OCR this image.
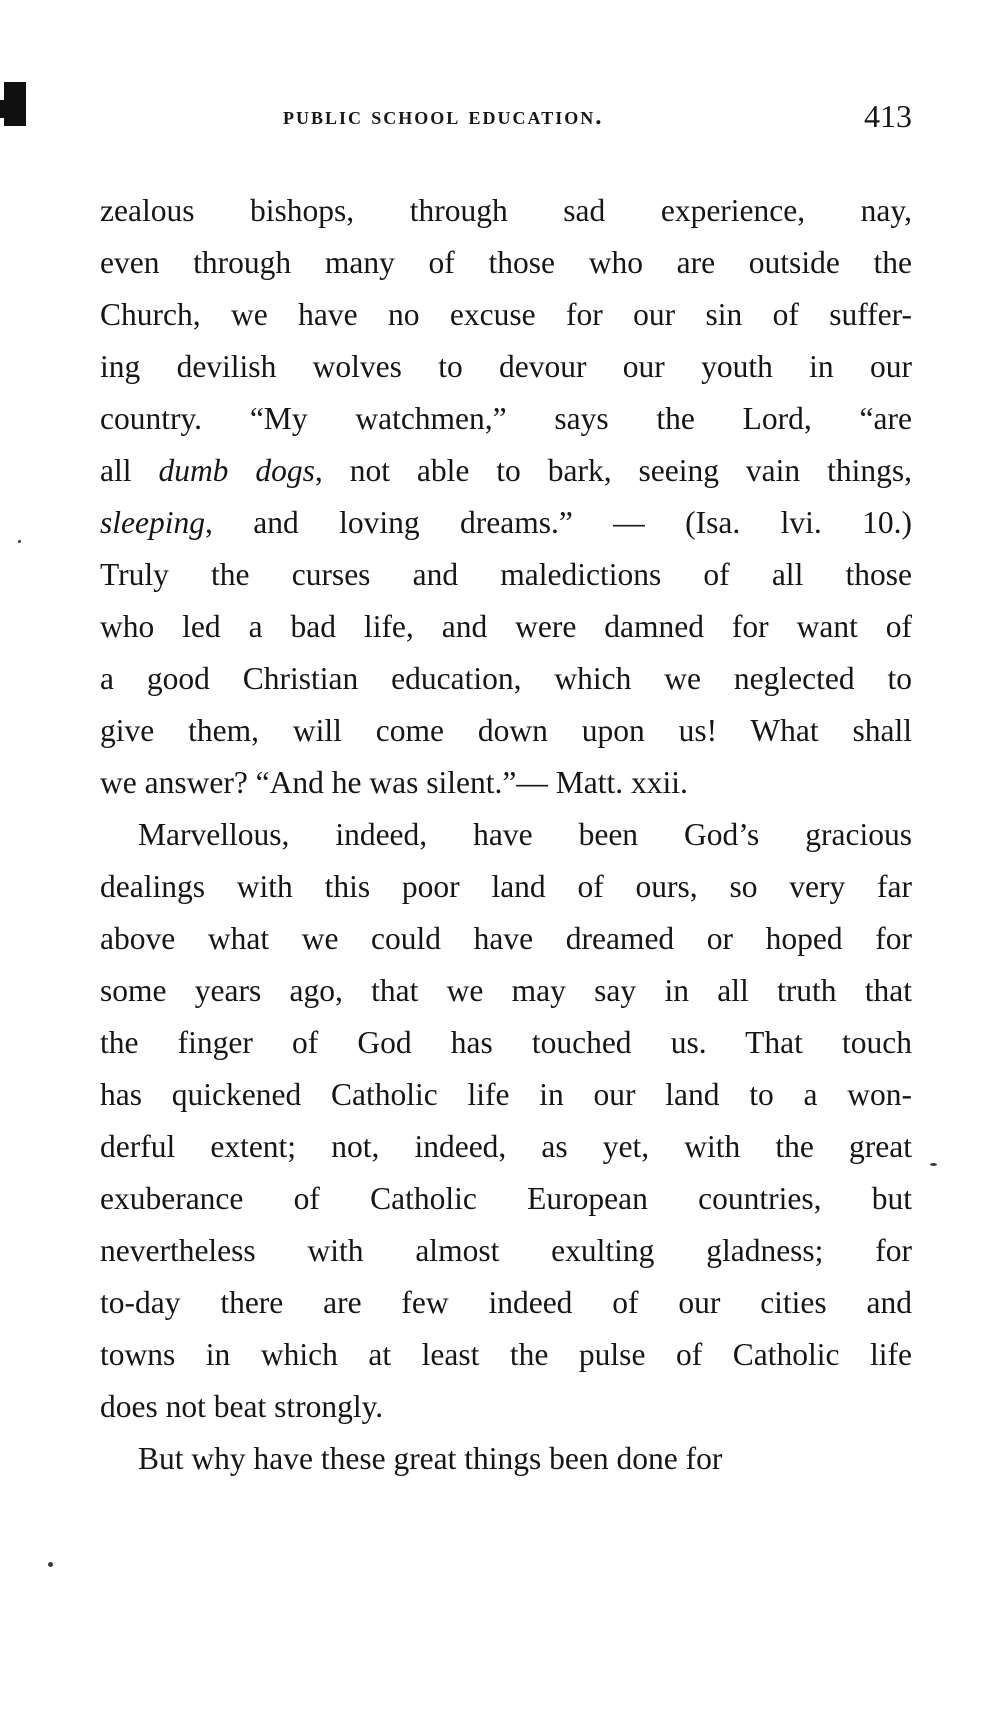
public school education.	413
zealous bishops, through sad experience, nay,
even through many of those who are outside the
Church, we have no excuse for our sin of suffer-
ing devilish wolves to devour our youth in our
country. “My watchmen,” says the Lord, “are
all dumb dogs, not able to bark, seeing vain things,
sleeping, and loving dreams.” — (Isa. lvi. 10.)
Truly the curses and maledictions of all those
who led a bad life, and were damned for want of
a good Christian education, which we neglected to
give them, will come down upon us! What shall
we answer? “And he was silent.”— Matt. xxii.
Marvellous, indeed, have been God’s gracious
dealings with this poor land of ours, so very far
above what we could have dreamed or hoped for
some years ago, that we may say in all truth that
the finger of God has touched us. That touch
has quickened Catholic life in our land to a won-
derful extent; not, indeed, as yet, with the great
exuberance of Catholic European countries, but
nevertheless with almost exulting gladness; for
to-day there are few indeed of our cities and
towns in which at least the pulse of Catholic life
does not beat strongly.
But why have these great things been done for
